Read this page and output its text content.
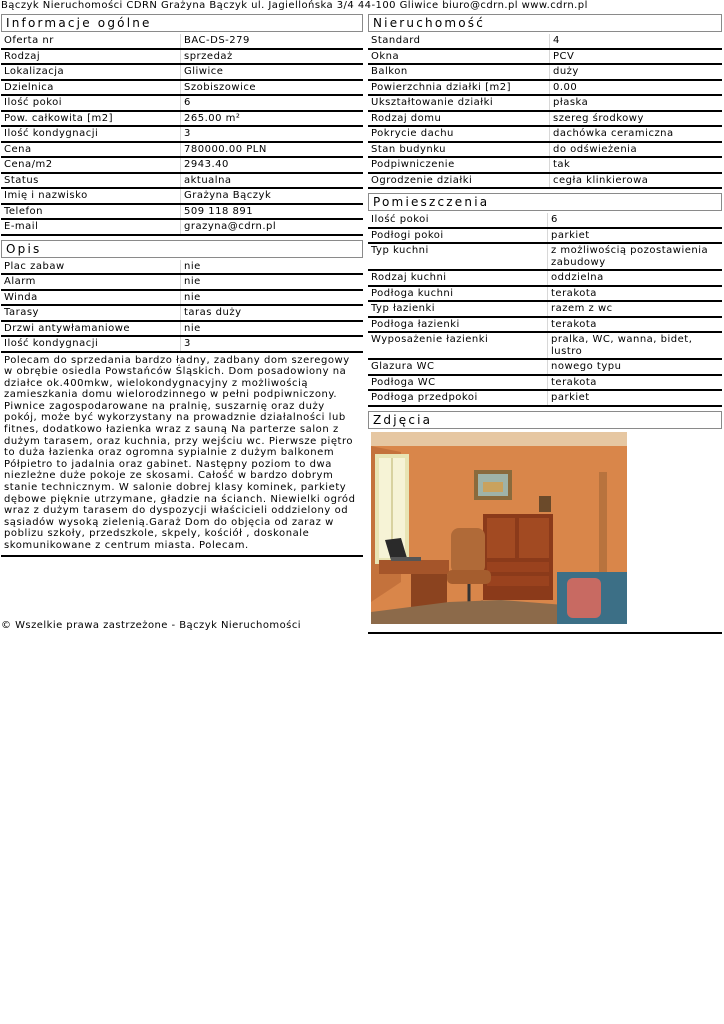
Bączyk Nieruchomości CDRN Grażyna Bączyk ul. Jagiellońska 3/4 44-100 Gliwice biuro@cdrn.pl www.cdrn.pl
Informacje ogólne
Oferta nr	BAC-DS-279
Rodzaj	sprzedaż
Lokalizacja	Gliwice
Dzielnica	Szobiszowice
Ilość pokoi	6
Pow. całkowita [m2]	265.00 m²
Ilość kondygnacji	3
Cena	780000.00 PLN
Cena/m2	2943.40
Status	aktualna
Imię i nazwisko	Grażyna Bączyk
Telefon	509 118 891
E-mail	grazyna@cdrn.pl
Opis
Plac zabaw	nie
Alarm	nie
Winda	nie
Tarasy	taras duży
Drzwi antywłamaniowe	nie
Ilość kondygnacji	3
Polecam do sprzedania bardzo ładny, zadbany dom szeregowy w obrębie osiedla Powstańców Śląskich. Dom posadowiony na działce ok.400mkw, wielokondygnacyjny z możliwością zamieszkania domu wielorodzinnego w pełni podpiwniczony. Piwnice zagospodarowane na pralnię, suszarnię oraz duży pokój, może być wykorzystany na prowadznie działalności lub fitnes, dodatkowo łazienka wraz z sauną Na parterze salon z dużym tarasem, oraz kuchnia, przy wejściu wc. Pierwsze piętro to duża łazienka oraz ogromna sypialnie z dużym balkonem Półpietro to jadalnia oraz gabinet. Następny poziom to dwa niezleżne duże pokoje ze skosami. Całość w bardzo dobrym stanie technicznym. W salonie dobrej klasy kominek, parkiety dębowe pięknie utrzymane, gładzie na ścianch. Niewielki ogród wraz z dużym tarasem do dyspozycji właścicieli oddzielony od sąsiadów wysoką zielenią.Garaż Dom do objęcia od zaraz w poblizu szkoły, przedszkole, skpely, kościół , doskonale skomunikowane z centrum miasta. Polecam.
Nieruchomość
Standard	4
Okna	PCV
Balkon	duży
Powierzchnia działki [m2]	0.00
Ukształtowanie działki	płaska
Rodzaj domu	szereg środkowy
Pokrycie dachu	dachówka ceramiczna
Stan budynku	do odświeżenia
Podpiwniczenie	tak
Ogrodzenie działki	cegła klinkierowa
Pomieszczenia
Ilość pokoi	6
Podłogi pokoi	parkiet
Typ kuchni	z możliwością pozostawienia zabudowy
Rodzaj kuchni	oddzielna
Podłoga kuchni	terakota
Typ łazienki	razem z wc
Podłoga łazienki	terakota
Wyposażenie łazienki	pralka, WC, wanna, bidet, lustro
Glazura WC	nowego typu
Podłoga WC	terakota
Podłoga przedpokoi	parkiet
Zdjęcia
© Wszelkie prawa zastrzeżone - Bączyk Nieruchomości
